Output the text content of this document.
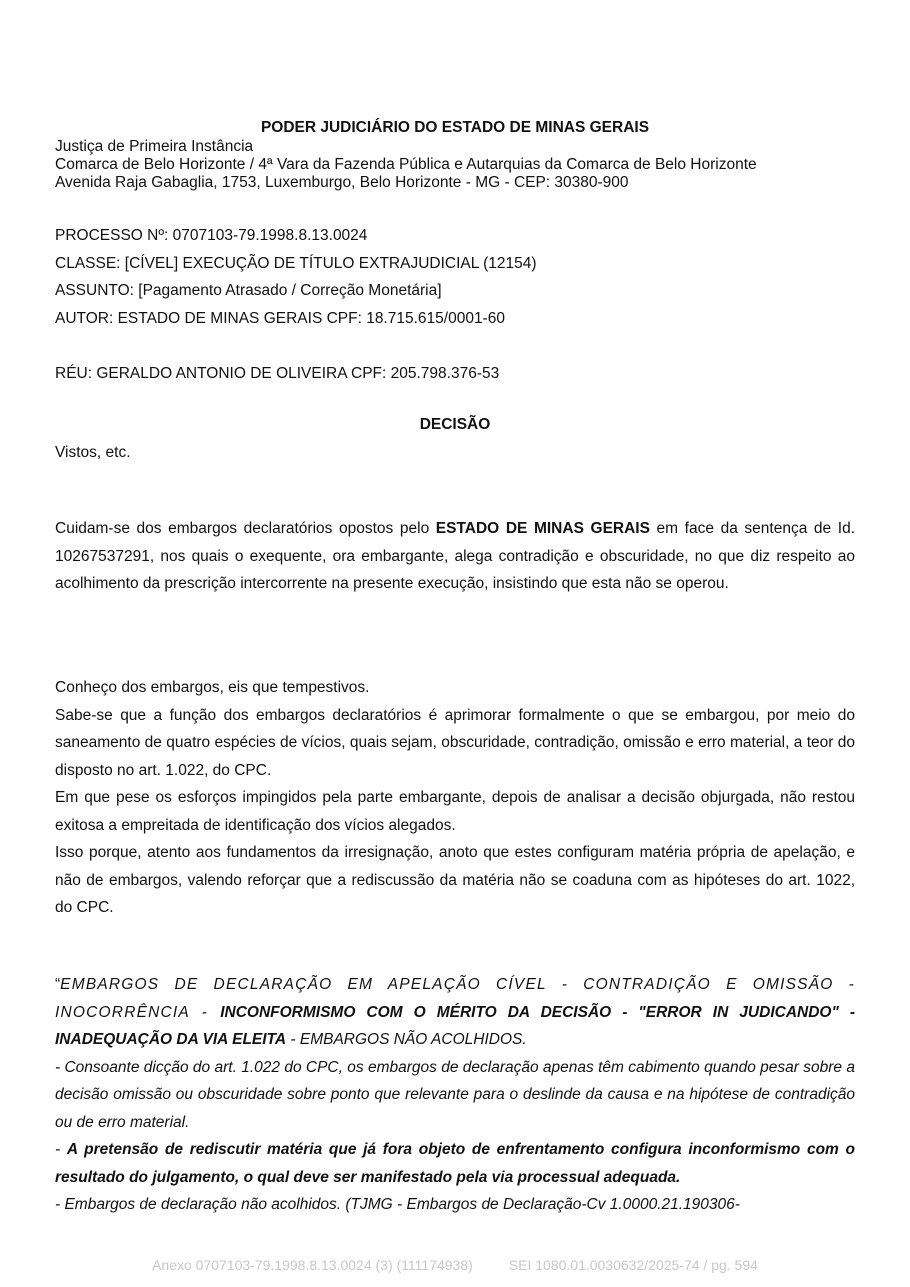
PODER JUDICIÁRIO DO ESTADO DE MINAS GERAIS
Justiça de Primeira Instância
Comarca de Belo Horizonte / 4ª Vara da Fazenda Pública e Autarquias da Comarca de Belo Horizonte
Avenida Raja Gabaglia, 1753, Luxemburgo, Belo Horizonte - MG - CEP: 30380-900
PROCESSO Nº: 0707103-79.1998.8.13.0024
CLASSE: [CÍVEL] EXECUÇÃO DE TÍTULO EXTRAJUDICIAL (12154)
ASSUNTO: [Pagamento Atrasado / Correção Monetária]
AUTOR: ESTADO DE MINAS GERAIS CPF: 18.715.615/0001-60
RÉU: GERALDO ANTONIO DE OLIVEIRA CPF: 205.798.376-53
DECISÃO
Vistos, etc.

Cuidam-se dos embargos declaratórios opostos pelo ESTADO DE MINAS GERAIS em face da sentença de Id. 10267537291, nos quais o exequente, ora embargante, alega contradição e obscuridade, no que diz respeito ao acolhimento da prescrição intercorrente na presente execução, insistindo que esta não se operou.

Conheço dos embargos, eis que tempestivos.

Sabe-se que a função dos embargos declaratórios é aprimorar formalmente o que se embargou, por meio do saneamento de quatro espécies de vícios, quais sejam, obscuridade, contradição, omissão e erro material, a teor do disposto no art. 1.022, do CPC.

Em que pese os esforços impingidos pela parte embargante, depois de analisar a decisão objurgada, não restou exitosa a empreitada de identificação dos vícios alegados.

Isso porque, atento aos fundamentos da irresignação, anoto que estes configuram matéria própria de apelação, e não de embargos, valendo reforçar que a rediscussão da matéria não se coaduna com as hipóteses do art. 1022, do CPC.

“EMBARGOS DE DECLARAÇÃO EM APELAÇÃO CÍVEL - CONTRADIÇÃO E OMISSÃO - INOCORRÊNCIA - INCONFORMISMO COM O MÉRITO DA DECISÃO - "ERROR IN JUDICANDO" - INADEQUAÇÃO DA VIA ELEITA - EMBARGOS NÃO ACOLHIDOS.

- Consoante dicção do art. 1.022 do CPC, os embargos de declaração apenas têm cabimento quando pesar sobre a decisão omissão ou obscuridade sobre ponto que relevante para o deslinde da causa e na hipótese de contradição ou de erro material.

- A pretensão de rediscutir matéria que já fora objeto de enfrentamento configura inconformismo com o resultado do julgamento, o qual deve ser manifestado pela via processual adequada.

- Embargos de declaração não acolhidos. (TJMG - Embargos de Declaração-Cv 1.0000.21.190306-

Anexo 0707103-79.1998.8.13.0024 (3) (111174938)	SEI 1080.01.0030632/2025-74 / pg. 594
